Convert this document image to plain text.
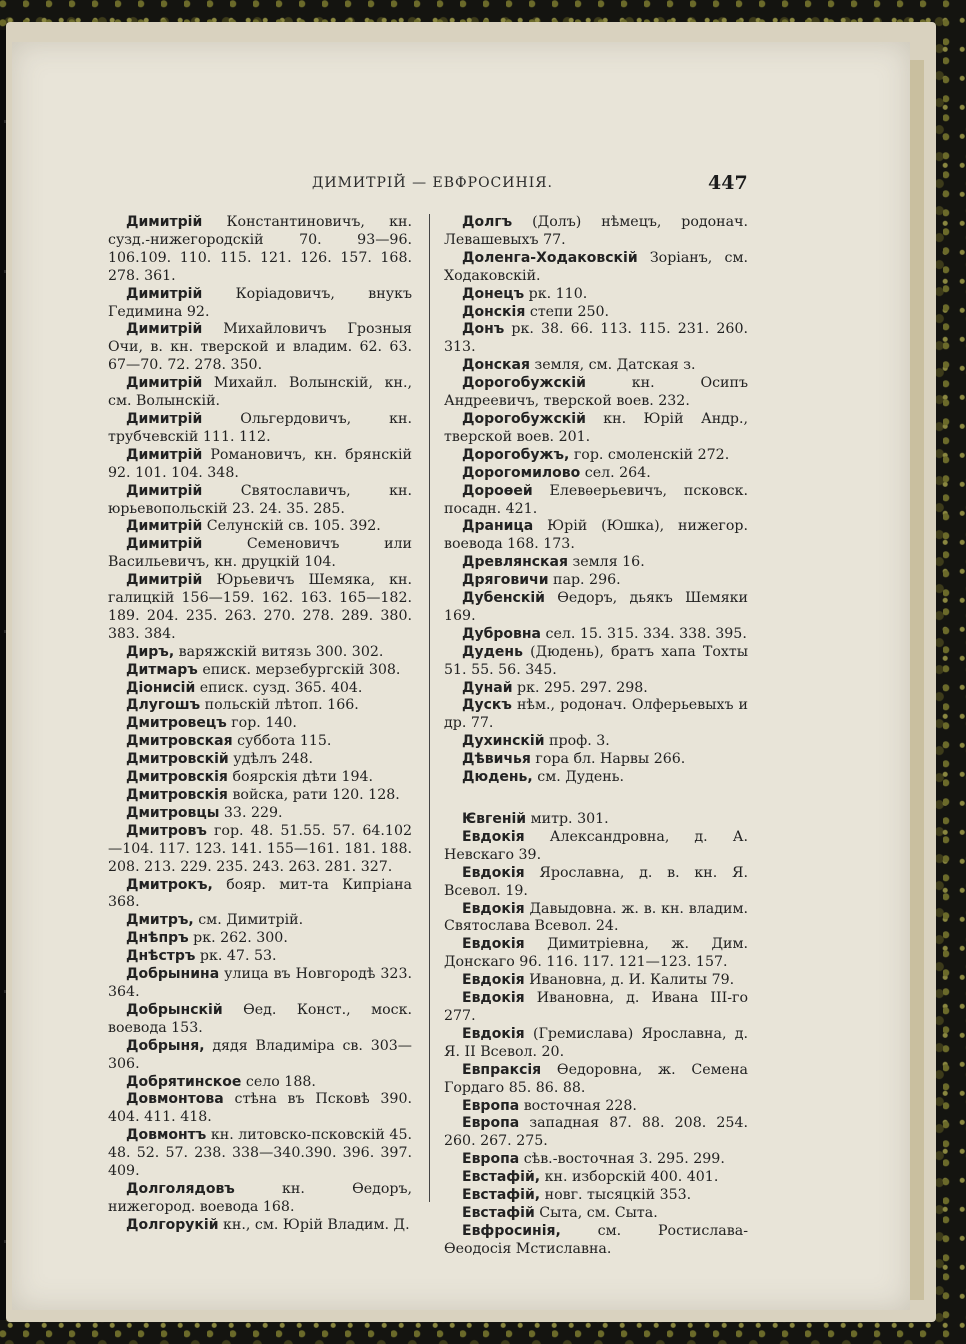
ДИМИТРІЙ — ЕВФРОСИНІЯ.	447

Димитрій Константиновичъ, кн. сузд.-нижегородскій 70. 93—96. 106.109. 110. 115. 121. 126. 157. 168. 278. 361.

Димитрій Коріадовичъ, внукъ Гедимина 92.

Димитрій Михайловичъ Грозныя Очи, в. кн. тверской и владим. 62. 63. 67—70. 72. 278. 350.

Димитрій Михайл. Волынскій, кн., см. Волынскій.

Димитрій Ольгердовичъ, кн. трубчевскій 111. 112.

Димитрій Романовичъ, кн. брянскій 92. 101. 104. 348.

Димитрій Святославичъ, кн. юрьевопольскій 23. 24. 35. 285.

Димитрій Селунскій св. 105. 392.

Димитрій Семеновичъ или Васильевичъ, кн. друцкій 104.

Димитрій Юрьевичъ Шемяка, кн. галицкій 156—159. 162. 163. 165—182. 189. 204. 235. 263. 270. 278. 289. 380. 383. 384.

Диръ, варяжскій витязь 300. 302.

Дитмаръ еписк. мерзебургскій 308.

Діонисій еписк. сузд. 365. 404.

Длугошъ польскій лѣтоп. 166.

Дмитровецъ гор. 140.

Дмитровская суббота 115.

Дмитровскій удѣлъ 248.

Дмитровскія боярскія дѣти 194.

Дмитровскія войска, рати 120. 128.

Дмитровцы 33. 229.

Дмитровъ гор. 48. 51.55. 57. 64.102—104. 117. 123. 141. 155—161. 181. 188. 208. 213. 229. 235. 243. 263. 281. 327.

Дмитрокъ, бояр. мит-та Кипріана 368.

Дмитръ, см. Димитрій.

Днѣпръ рк. 262. 300.

Днѣстръ рк. 47. 53.

Добрынина улица въ Новгородѣ 323. 364.

Добрынскій Ѳед. Конст., моск. воевода 153.

Добрыня, дядя Владиміра св. 303—306.

Добрятинское село 188.

Довмонтова стѣна въ Псковѣ 390. 404. 411. 418.

Довмонтъ кн. литовско-псковскій 45. 48. 52. 57. 238. 338—340.390. 396. 397. 409.

Долголядовъ кн. Ѳедоръ, нижегород. воевода 168.

Долгорукій кн., см. Юрій Владим. Д.

Долгъ (Долъ) нѣмецъ, родонач. Левашевыхъ 77.

Доленга-Ходаковскій Зоріанъ, см. Ходаковскій.

Донецъ рк. 110.

Донскія степи 250.

Донъ рк. 38. 66. 113. 115. 231. 260. 313.

Донская земля, см. Датская з.

Дорогобужскій кн. Осипъ Андреевичъ, тверской воев. 232.

Дорогобужскій кн. Юрій Андр., тверской воев. 201.

Дорогобужъ, гор. смоленскій 272.

Дорогомилово сел. 264.

Дороѳей Елевѳерьевичъ, псковск. посадн. 421.

Драница Юрій (Юшка), нижегор. воевода 168. 173.

Древлянская земля 16.

Дряговичи пар. 296.

Дубенскій Ѳедоръ, дьякъ Шемяки 169.

Дубровна сел. 15. 315. 334. 338. 395.

Дудень (Дюдень), братъ хапа Тохты 51. 55. 56. 345.

Дунай рк. 295. 297. 298.

Дускъ нѣм., родонач. Олферьевыхъ и др. 77.

Духинскій проф. 3.

Дѣвичья гора бл. Нарвы 266.

Дюдень, см. Дудень.

Ѥвгеній митр. 301.

Евдокія Александровна, д. А. Невскаго 39.

Евдокія Ярославна, д. в. кн. Я. Всевол. 19.

Евдокія Давыдовна. ж. в. кн. владим. Святослава Всевол. 24.

Евдокія Димитріевна, ж. Дим. Донскаго 96. 116. 117. 121—123. 157.

Евдокія Ивановна, д. И. Калиты 79.

Евдокія Ивановна, д. Ивана III-го 277.

Евдокія (Гремислава) Ярославна, д. Я. II Всевол. 20.

Евпраксія Ѳедоровна, ж. Семена Гордаго 85. 86. 88.

Европа восточная 228.

Европа западная 87. 88. 208. 254. 260. 267. 275.

Европа сѣв.-восточная 3. 295. 299.

Евстафій, кн. изборскій 400. 401.

Евстафій, новг. тысяцкій 353.

Евстафій Сыта, см. Сыта.

Евфросинія, см. Ростислава-Ѳеодосія Мстиславна.
